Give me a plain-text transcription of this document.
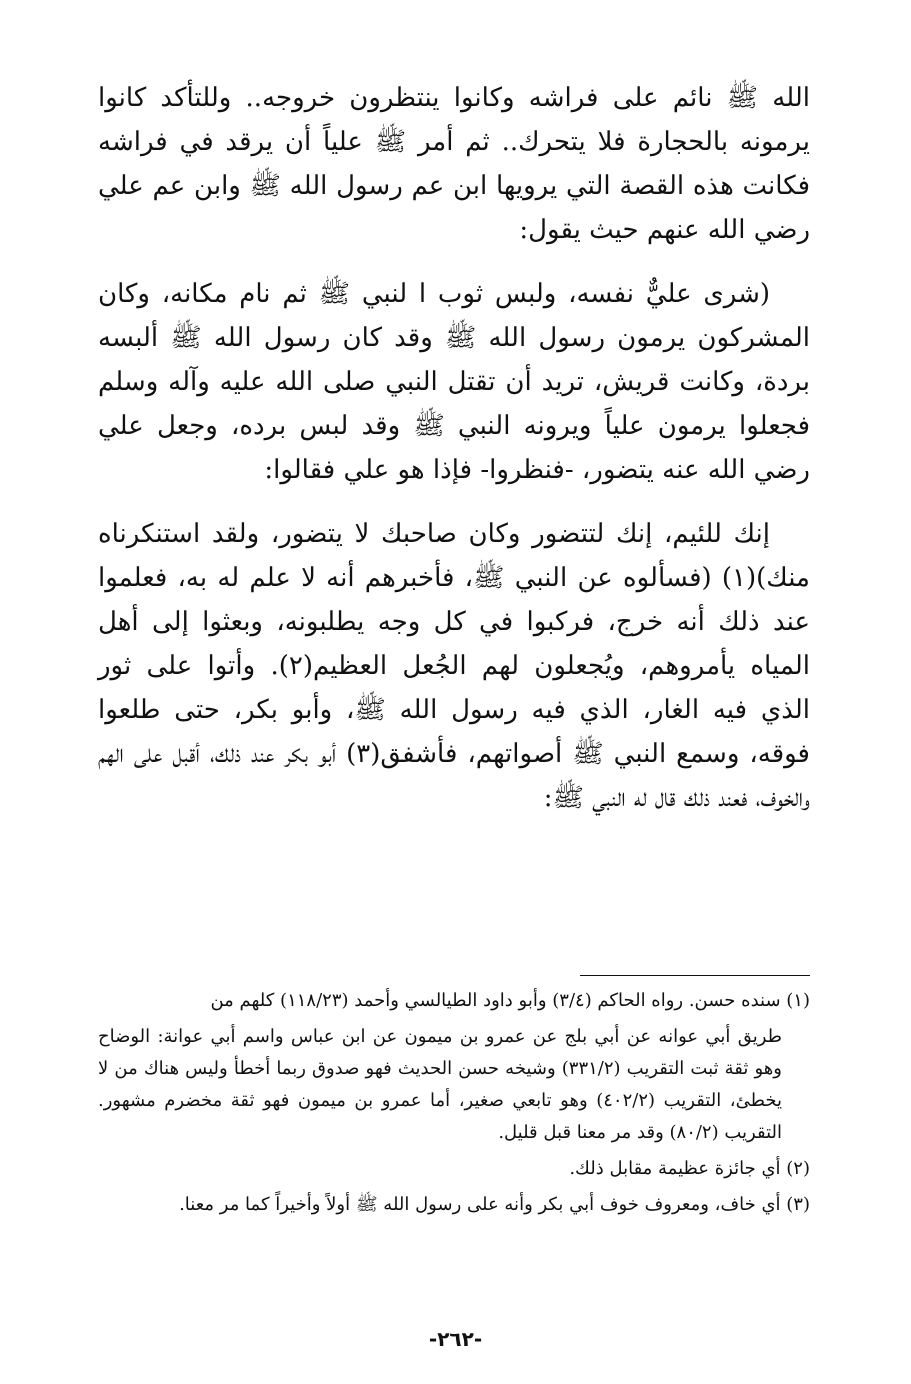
الله ﷺ نائم على فراشه وكانوا ينتظرون خروجه.. وللتأكد كانوا يرمونه بالحجارة فلا يتحرك.. ثم أمر ﷺ علياً أن يرقد في فراشه فكانت هذه القصة التي يرويها ابن عم رسول الله ﷺ وابن عم علي رضي الله عنهم حيث يقول:

(شرى عليٌّ نفسه، ولبس ثوب ا لنبي ﷺ ثم نام مكانه، وكان المشركون يرمون رسول الله ﷺ وقد كان رسول الله ﷺ ألبسه بردة، وكانت قريش، تريد أن تقتل النبي صلى الله عليه وآله وسلم فجعلوا يرمون علياً ويرونه النبي ﷺ وقد لبس برده، وجعل علي رضي الله عنه يتضور، -فنظروا- فإذا هو علي فقالوا:

إنك للئيم، إنك لتتضور وكان صاحبك لا يتضور، ولقد استنكرناه منك)(١) (فسألوه عن النبي ﷺ، فأخبرهم أنه لا علم له به، فعلموا عند ذلك أنه خرج، فركبوا في كل وجه يطلبونه، وبعثوا إلى أهل المياه يأمروهم، ويُجعلون لهم الجُعل العظيم(٢). وأتوا على ثور الذي فيه الغار، الذي فيه رسول الله ﷺ، وأبو بكر، حتى طلعوا فوقه، وسمع النبي ﷺ أصواتهم، فأشفق(٣) أبو بكر عند ذلك، أقبل على الهم والخوف، فعند ذلك قال له النبي ﷺ:

(١) سنده حسن. رواه الحاكم (٣/٤) وأبو داود الطيالسي وأحمد (١١٨/٢٣) كلهم من

طريق أبي عوانه عن أبي بلج عن عمرو بن ميمون عن ابن عباس واسم أبي عوانة: الوضاح وهو ثقة ثبت التقريب (٣٣١/٢) وشيخه حسن الحديث فهو صدوق ربما أخطأ وليس هناك من لا يخطئ، التقريب (٤٠٢/٢) وهو تابعي صغير، أما عمرو بن ميمون فهو ثقة مخضرم مشهور. التقريب (٨٠/٢) وقد مر معنا قبل قليل.

(٢) أي جائزة عظيمة مقابل ذلك.

(٣) أي خاف، ومعروف خوف أبي بكر وأنه على رسول الله ﷺ أولاً وأخيراً كما مر معنا.

-٢٦٢-
